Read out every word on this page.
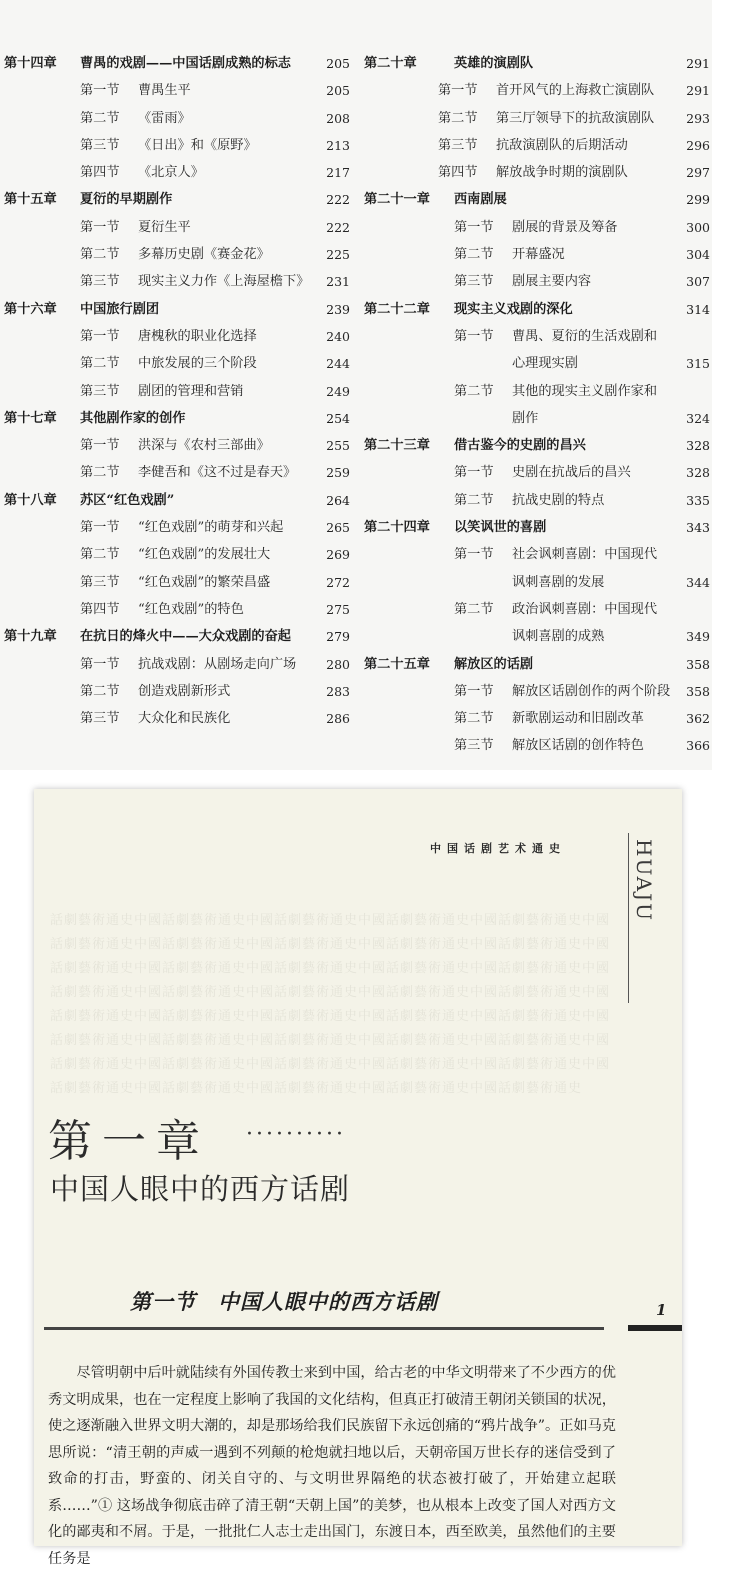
第十四章 曹禺的戏剧——中国话剧成熟的标志	205
第一节 曹禺生平	205
第二节 《雷雨》	208
第三节 《日出》和《原野》	213
第四节 《北京人》	217
第十五章 夏衍的早期剧作	222
第一节 夏衍生平	222
第二节 多幕历史剧《赛金花》	225
第三节 现实主义力作《上海屋檐下》	231
第十六章 中国旅行剧团	239
第一节 唐槐秋的职业化选择	240
第二节 中旅发展的三个阶段	244
第三节 剧团的管理和营销	249
第十七章 其他剧作家的创作	254
第一节 洪深与《农村三部曲》	255
第二节 李健吾和《这不过是春天》	259
第十八章 苏区“红色戏剧”	264
第一节 “红色戏剧”的萌芽和兴起	265
第二节 “红色戏剧”的发展壮大	269
第三节 “红色戏剧”的繁荣昌盛	272
第四节 “红色戏剧”的特色	275
第十九章 在抗日的烽火中——大众戏剧的奋起	279
第一节 抗战戏剧：从剧场走向广场	280
第二节 创造戏剧新形式	283
第三节 大众化和民族化	286
第二十章	英雄的演剧队	291
第一节 首开风气的上海救亡演剧队	291
第二节 第三厅领导下的抗敌演剧队	293
第三节 抗敌演剧队的后期活动	296
第四节 解放战争时期的演剧队	297
第二十一章 西南剧展	299
第一节 剧展的背景及筹备	300
第二节 开幕盛况	304
第三节 剧展主要内容	307
第二十二章 现实主义戏剧的深化	314
第一节 曹禺、夏衍的生活戏剧和
心理现实剧	315
第二节 其他的现实主义剧作家和
剧作	324
第二十三章 借古鉴今的史剧的昌兴	328
第一节 史剧在抗战后的昌兴	328
第二节 抗战史剧的特点	335
第二十四章 以笑讽世的喜剧	343
第一节 社会讽刺喜剧：中国现代
讽刺喜剧的发展	344
第二节 政治讽刺喜剧：中国现代
讽刺喜剧的成熟	349
第二十五章 解放区的话剧	358
第一节 解放区话剧创作的两个阶段	358
第二节 新歌剧运动和旧剧改革	362
第三节 解放区话剧的创作特色	366
話劇藝術通史中國話劇藝術通史中國話劇藝術通史中國話劇藝術通史中國話劇藝術通史中國話劇藝術通史中國話劇藝術通史中國話劇藝術通史中國話劇藝術通史中國話劇藝術通史中國話劇藝術通史中國話劇藝術通史中國話劇藝術通史中國話劇藝術通史中國話劇藝術通史中國話劇藝術通史中國話劇藝術通史中國話劇藝術通史中國話劇藝術通史中國話劇藝術通史中國話劇藝術通史中國話劇藝術通史中國話劇藝術通史中國話劇藝術通史中國話劇藝術通史中國話劇藝術通史中國話劇藝術通史中國話劇藝術通史中國話劇藝術通史中國話劇藝術通史中國話劇藝術通史中國話劇藝術通史中國話劇藝術通史中國話劇藝術通史中國話劇藝術通史中國話劇藝術通史中國話劇藝術通史中國話劇藝術通史中國話劇藝術通史中國話劇藝術通史
中国话剧艺术通史	HUAJU
第一章 ··········
中国人眼中的西方话剧
第一节　中国人眼中的西方话剧	1

尽管明朝中后叶就陆续有外国传教士来到中国，给古老的中华文明带来了不少西方的优秀文明成果，也在一定程度上影响了我国的文化结构，但真正打破清王朝闭关锁国的状况，使之逐渐融入世界文明大潮的，却是那场给我们民族留下永远创痛的“鸦片战争”。正如马克思所说：“清王朝的声威一遇到不列颠的枪炮就扫地以后，天朝帝国万世长存的迷信受到了致命的打击，野蛮的、闭关自守的、与文明世界隔绝的状态被打破了，开始建立起联系……”① 这场战争彻底击碎了清王朝“天朝上国”的美梦，也从根本上改变了国人对西方文化的鄙夷和不屑。于是，一批批仁人志士走出国门，东渡日本，西至欧美，虽然他们的主要任务是
